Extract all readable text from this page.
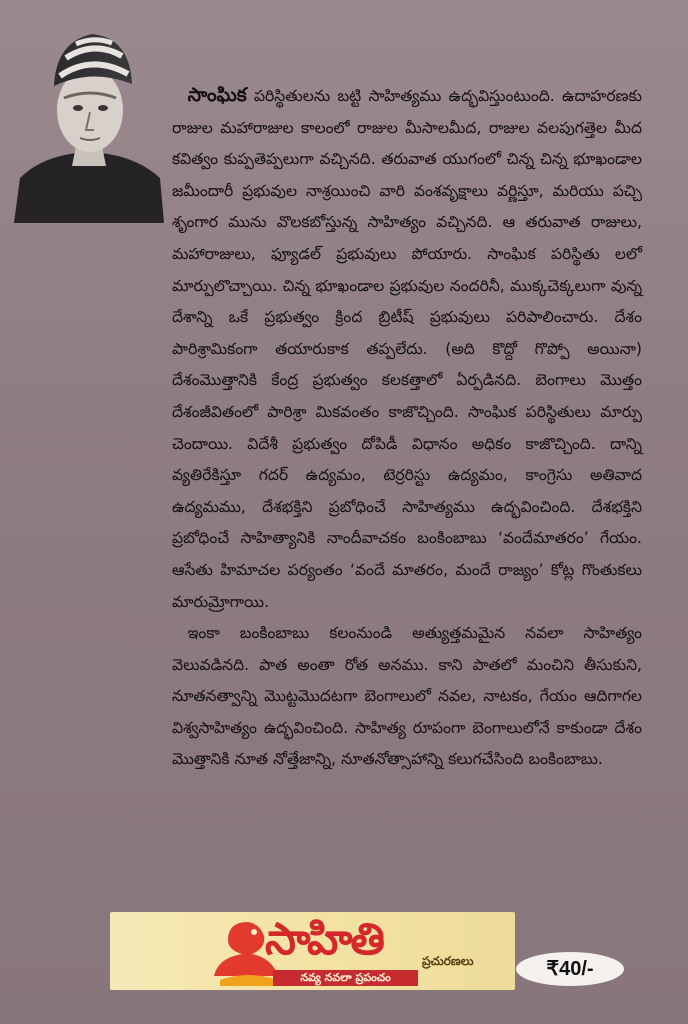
 సాంఘిక పరిస్థితులను బట్టి సాహిత్యము ఉద్భవిస్తుంటుంది. ఉదాహరణకు రాజుల మహారాజుల కాలంలో రాజుల మీసాలమీద, రాజుల వలపుగత్తెల మీద కవిత్వం కుప్పతెప్పలుగా వచ్చినది. తరువాత యుగంలో చిన్న చిన్న భూఖండాల జమీందారీ ప్రభువుల నాశ్రయించి వారి వంశవృక్షాలు వర్ణిస్తూ, మరియు పచ్చి శృంగార మును వొలకబోస్తున్న సాహిత్యం వచ్చినది. ఆ తరువాత రాజులు, మహారాజులు, ఫ్యూడల్ ప్రభువులు పోయారు. సాంఘిక పరిస్థితు లలో మార్పులొచ్చాయి. చిన్న భూఖండాల ప్రభువుల నందరినీ, ముక్కచెక్కలుగా వున్న దేశాన్ని ఒకే ప్రభుత్వం క్రింద బ్రిటీష్ ప్రభువులు పరిపాలించారు. దేశం పారిశ్రామికంగా తయారుకాక తప్పలేదు. (అది కొద్దో గొప్పో అయినా) దేశంమొత్తానికి కేంద్ర ప్రభుత్వం కలకత్తాలో ఏర్పడినది. బెంగాలు మొత్తం దేశంజీవితంలో పారిశ్రా మికవంతం కాజొచ్చింది. సాంఘిక పరిస్థితులు మార్పు చెందాయి. విదేశీ ప్రభుత్వం దోపిడీ విధానం అధికం కాజొచ్చింది. దాన్ని వ్యతిరేకిస్తూ గదర్ ఉద్యమం, టెర్రరిస్టు ఉద్యమం, కాంగ్రెసు అతివాద ఉద్యమము, దేశభక్తిని ప్రబోధించే సాహిత్యము ఉద్భవించింది. దేశభక్తిని ప్రబోధించే సాహిత్యానికి నాందీవాచకం బంకింబాబు ‘వందేమాతరం’ గేయం. ఆసేతు హిమాచల పర్యంతం ‘వందే మాతరం, మందే రాజ్యం’ కోట్ల గొంతుకలు మారుమ్రోగాయి.

 ఇంకా బంకింబాబు కలంనుండి అత్యుత్తమమైన నవలా సాహిత్యం వెలువడినది. పాత అంతా రోత అనము. కాని పాతలో మంచిని తీసుకుని, నూతనత్వాన్ని మొట్టమొదటగా బెంగాలులో నవల, నాటకం, గేయం ఆదిగాగల విశ్వసాహిత్యం ఉద్భవించింది. సాహిత్య రూపంగా బెంగాలులోనే కాకుండా దేశం మొత్తానికి నూత నోత్తేజాన్ని, నూతనోత్సాహాన్ని కలుగచేసింది బంకింబాబు.

సాహితి	ప్రచురణలు
నవ్య నవలా ప్రపంచం	₹40/-
